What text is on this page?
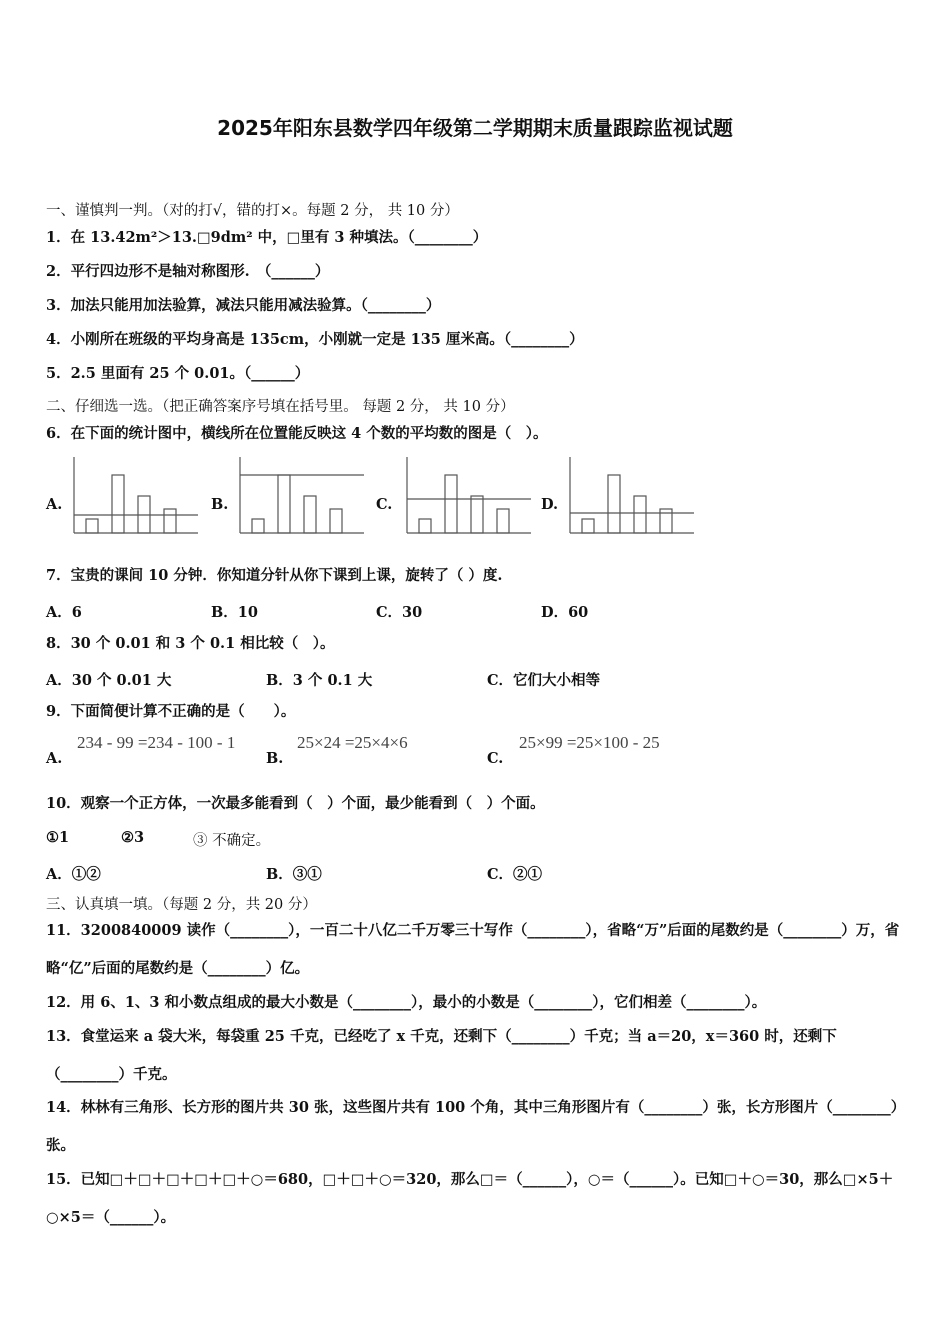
2025年阳东县数学四年级第二学期期末质量跟踪监视试题
一、谨慎判一判。（对的打√，错的打×。每题 2 分， 共 10 分）
1．在 13.42m²＞13.□9dm² 中，□里有 3 种填法。（________）
2．平行四边形不是轴对称图形.　（______）
3．加法只能用加法验算，减法只能用减法验算。（________）
4．小刚所在班级的平均身高是 135cm，小刚就一定是 135 厘米高。（________）
5．2.5 里面有 25 个 0.01。（______）
二、仔细选一选。（把正确答案序号填在括号里。 每题 2 分， 共 10 分）
6．在下面的统计图中，横线所在位置能反映这 4 个数的平均数的图是（　）。
A.	B.	C.	D.
7．宝贵的课间 10 分钟．你知道分针从你下课到上课，旋转了（ ）度.
A．6	B．10	C．30	D．60
8．30 个 0.01 和 3 个 0.1 相比较（　）。
A．30 个 0.01 大	B．3 个 0.1 大	C．它们大小相等
9．下面简便计算不正确的是（　　）。
A.
234 - 99 =234 - 100 - 1
B.
25×24 =25×4×6
C.
25×99 =25×100 - 25
10．观察一个正方体，一次最多能看到（　）个面，最少能看到（　）个面。
①1	②3	③ 不确定。
A．①②	B．③①	C．②①
三、认真填一填。（每题 2 分，共 20 分）
11．3200840009 读作（________），一百二十八亿二千万零三十写作（________），省略“万”后面的尾数约是（________）万，省略“亿”后面的尾数约是（________）亿。
12．用 6、1、3 和小数点组成的最大小数是（________），最小的小数是（________），它们相差（________）。
13．食堂运来 a 袋大米，每袋重 25 千克，已经吃了 x 千克，还剩下（________）千克；当 a＝20，x＝360 时，还剩下（________）千克。
14．林林有三角形、长方形的图片共 30 张，这些图片共有 100 个角，其中三角形图片有（________）张，长方形图片（________）张。
15．已知□＋□＋□＋□＋□＋○＝680，□＋□＋○＝320，那么□＝（______），○＝（______）。已知□＋○＝30，那么□×5＋○×5＝（______）。
